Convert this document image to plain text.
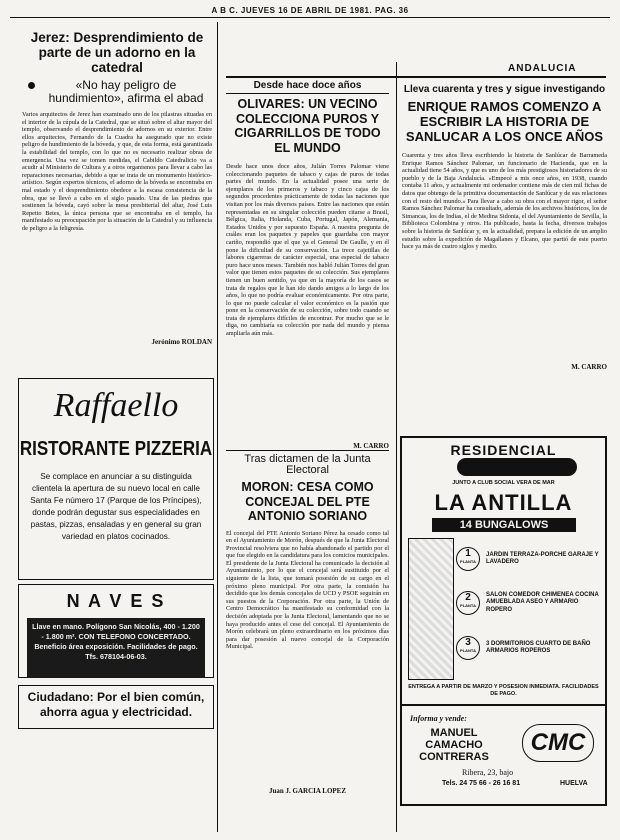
A B C. JUEVES 16 DE ABRIL DE 1981. PAG. 36
Jerez: Desprendimiento de parte de un adorno en la catedral
«No hay peligro de hundimiento», afirma el abad
Varios arquitectos de Jerez han examinado uno de los pilastras situadas en el interior de la cúpula de la Catedral, que se situó sobre el altar mayor del templo, observando el desprendimiento de adornos en su exterior. Entre ellos arquitectos, Fernando de la Cuadra ha asegurado que no existe peligro de hundimiento de la bóveda, y que, de esta forma, está garantizada la estabilidad del templo, con lo que no es necesario realizar obras de emergencia. Una vez se tomen medidas, el Cabildo Catedralicio va a acudir al Ministerio de Cultura y a otros organismos para llevar a cabo las reparaciones necesarias, debido a que se trata de un monumento histórico-artístico. Según expertos técnicos, el adorno de la bóveda se encontraba en mal estado y el desprendimiento obedece a la escasa consistencia de la obra, que se llevó a cabo en el siglo pasado. Una de las piedras que sostienen la bóveda, cayó sobre la mesa presbiterial del altar, José Luis Repetto Betes, la única persona que se encontraba en el templo, ha manifestado su preocupación por la situación de la Catedral y su influencia de peligro a la feligresía.
Jerónimo ROLDAN
Raffaello
RISTORANTE PIZZERIA
Se complace en anunciar a su distinguida clientela la apertura de su nuevo local en calle Santa Fe número 17 (Parque de los Príncipes), donde podrán degustar sus especialidades en pastas, pizzas, ensaladas y en general su gran variedad en platos cocinados.
N A V E S
Llave en mano. Polígono San Nicolás, 400 - 1.200 - 1.800 m². CON TELEFONO CONCERTADO. Beneficio área exposición. Facilidades de pago. Tfs. 678104-06-03.
Ciudadano: Por el bien común, ahorra agua y electricidad.
Desde hace doce años
OLIVARES: UN VECINO COLECCIONA PUROS Y CIGARRILLOS DE TODO EL MUNDO
Desde hace unos doce años, Julián Torres Palomar viene coleccionando paquetes de tabaco y cajas de puros de todas partes del mundo. En la actualidad posee una serie de ejemplares de los primeros y tabaco y cinco cajas de los segundos procedentes prácticamente de todas las naciones que visitan por los más diversos países. Entre las naciones que están representadas en su singular colección pueden citarse a Brasil, Bélgica, Italia, Holanda, Cuba, Portugal, Japón, Alemania, Estados Unidos y por supuesto España. A nuestra pregunta de cuáles eran los paquetes y papeles que guardaba con mayor cariño, respondió que el que ya el General De Gaulle, y en él pone la dificultad de su conservación. La trece cajetillas de labores cigarreras de carácter especial, una especial de tabaco puro hace unos meses. También nos habló Julián Torres del gran valor que tienen estos paquetes de su colección. Sus ejemplares tienen un buen sentido, ya que en la mayoría de los casos se trata de regalos que le han ido dando amigos a lo largo de los años, lo que no podría evaluar económicamente. Por otra parte, lo que no puede calcular el valor económico es la pasión que pone en la conservación de su colección, sobre todo cuando se trata de ejemplares difíciles de encontrar. Por mucho que se le diga, no cambiaría su colección por nada del mundo y piensa ampliarla aún más.
M. CARRO
Tras dictamen de la Junta Electoral
MORON: CESA COMO CONCEJAL DEL PTE ANTONIO SORIANO
El concejal del PTE Antonio Soriano Pérez ha cesado como tal en el Ayuntamiento de Morón, después de que la Junta Electoral Provincial resolviera que no había abandonado el partido por el que fue elegido en la candidatura para los comicios municipales. El presidente de la Junta Electoral ha comunicado la decisión al Ayuntamiento, por lo que el concejal será sustituido por el siguiente de la lista, que tomará posesión de su cargo en el próximo pleno municipal. Por otra parte, la comisión ha decidido que los demás concejales de UCD y PSOE seguirán en sus puestos de la Corporación. Por otra parte, la Unión de Centro Democrático ha manifestado su conformidad con la decisión adoptada por la Junta Electoral, lamentando que no se haya producido antes el cese del concejal. El Ayuntamiento de Morón celebrará un pleno extraordinario en los próximos días para dar posesión al nuevo concejal de la Corporación Municipal.
Juan J. GARCIA LOPEZ
ANDALUCIA
Lleva cuarenta y tres y sigue investigando
ENRIQUE RAMOS COMENZO A ESCRIBIR LA HISTORIA DE SANLUCAR A LOS ONCE AÑOS
Cuarenta y tres años lleva escribiendo la historia de Sanlúcar de Barrameda Enrique Ramos Sánchez Palomar, un funcionario de Hacienda, que en la actualidad tiene 54 años, y que es uno de los más prestigiosos historiadores de su pueblo y de la Baja Andalucía. «Empecé a mis once años, en 1938, cuando contaba 11 años, y actualmente mi ordenador contiene más de cien mil fichas de datos que obtengo de la primitiva documentación de Sanlúcar y de sus relaciones con el resto del mundo.» Para llevar a cabo su obra con el mayor rigor, el señor Ramos Sánchez Palomar ha consultado, además de los archivos históricos, los de Simancas, los de Indias, el de Medina Sidonia, el del Ayuntamiento de Sevilla, la Biblioteca Colombina y otros. Ha publicado, hasta la fecha, diversos trabajos sobre la historia de Sanlúcar y, en la actualidad, prepara la edición de un amplio estudio sobre la expedición de Magallanes y Elcano, que partió de este puerto hace ya más de cuatro siglos y medio.
M. CARRO
RESIDENCIAL
JUNTO A CLUB SOCIAL VERA DE MAR
LA ANTILLA
14 BUNGALOWS
1
PLANTA
JARDIN TERRAZA-PORCHE GARAJE Y LAVADERO
2
PLANTA
SALON COMEDOR CHIMENEA COCINA AMUEBLADA ASEO Y ARMARIO ROPERO
3
PLANTA
3 DORMITORIOS CUARTO DE BAÑO ARMARIOS ROPEROS
ENTREGA A PARTIR DE MARZO Y POSESION INMEDIATA. FACILIDADES DE PAGO.
Informa y vende:
MANUEL CAMACHO CONTRERAS
CMC
Ribera, 23, bajo
Tels. 24 75 66 - 26 16 81	HUELVA
